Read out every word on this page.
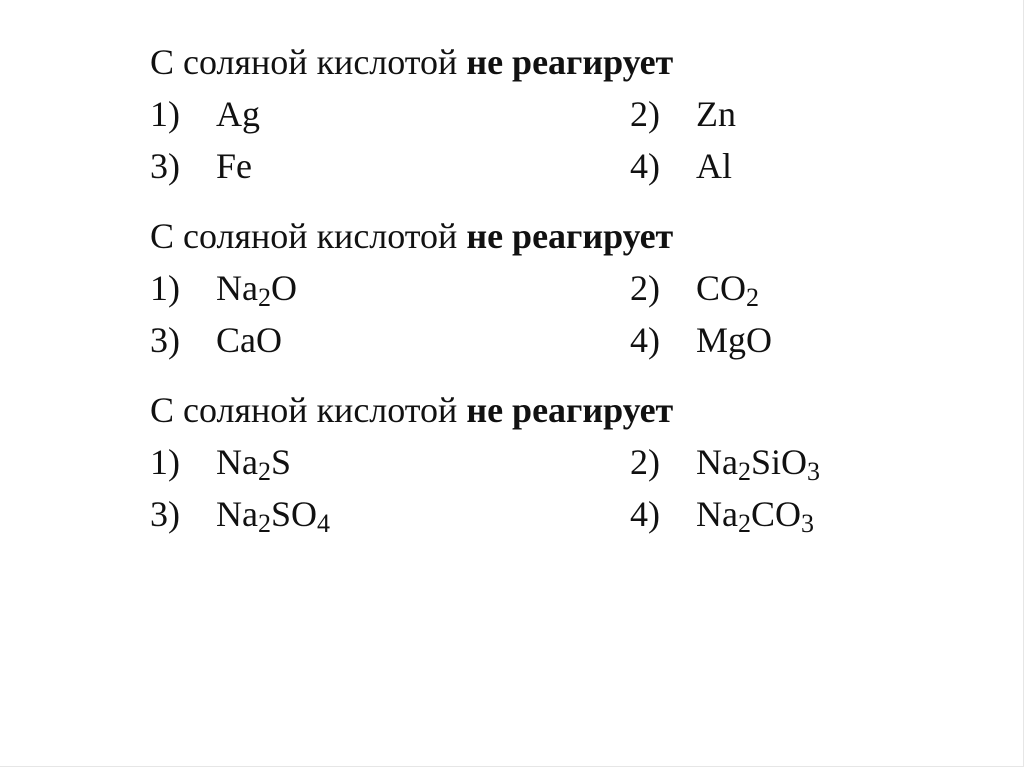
С соляной кислотой не реагирует
1) Ag	2) Zn
3) Fe	4) Al
С соляной кислотой не реагирует
1) $Na_2O$	2) $CO_2$
3) CaO	4) MgO
С соляной кислотой не реагирует
1) $Na_2S$	2) $Na_2SiO_3$
3) $Na_2SO_4$	4) $Na_2CO_3$
